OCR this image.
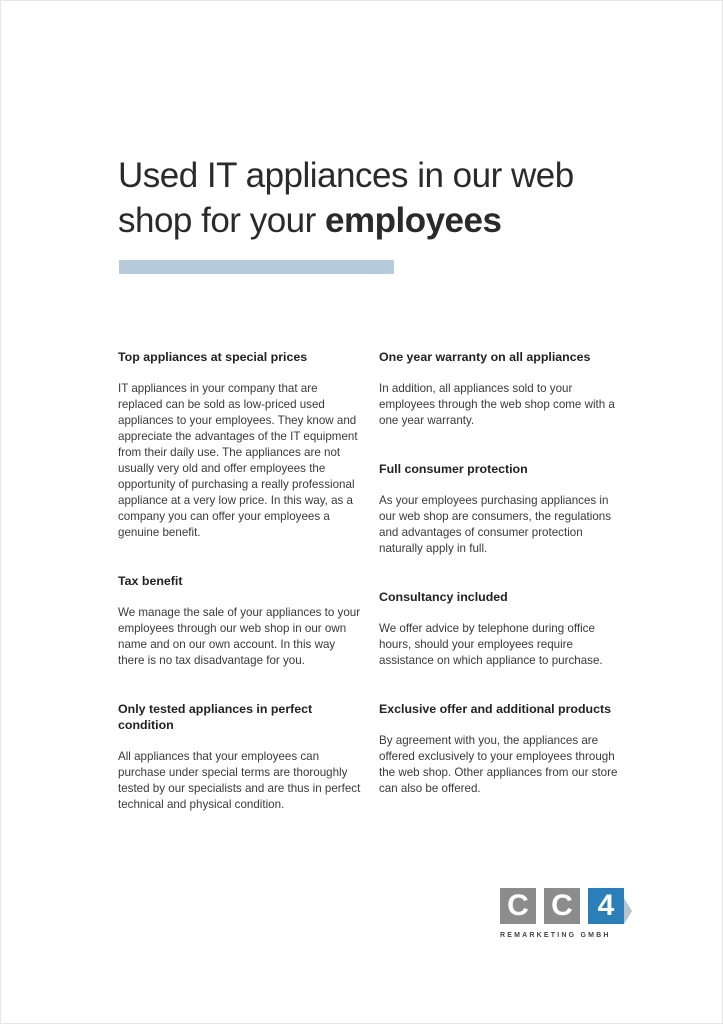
Used IT appliances in our web
shop for your employees
Top appliances at special prices

IT appliances in your company that are replaced can be sold as low-priced used appliances to your employees. They know and appreciate the advantages of the IT equipment from their daily use. The appliances are not usually very old and offer employees the opportunity of purchasing a really professional appliance at a very low price. In this way, as a company you can offer your employees a genuine benefit.

Tax benefit

We manage the sale of your appliances to your employees through our web shop in our own name and on our own account. In this way there is no tax disadvantage for you.

Only tested appliances in perfect condition

All appliances that your employees can purchase under special terms are thoroughly tested by our specialists and are thus in perfect technical and physical condition.

One year warranty on all appliances

In addition, all appliances sold to your employees through the web shop come with a one year warranty.

Full consumer protection

As your employees purchasing appliances in our web shop are consumers, the regulations and advantages of consumer protection naturally apply in full.

Consultancy included

We offer advice by telephone during office hours, should your employees require assistance on which appliance to purchase.

Exclusive offer and additional products

By agreement with you, the appliances are offered exclusively to your employees through the web shop. Other appliances from our store can also be offered.

C C 4
REMARKETING GMBH
